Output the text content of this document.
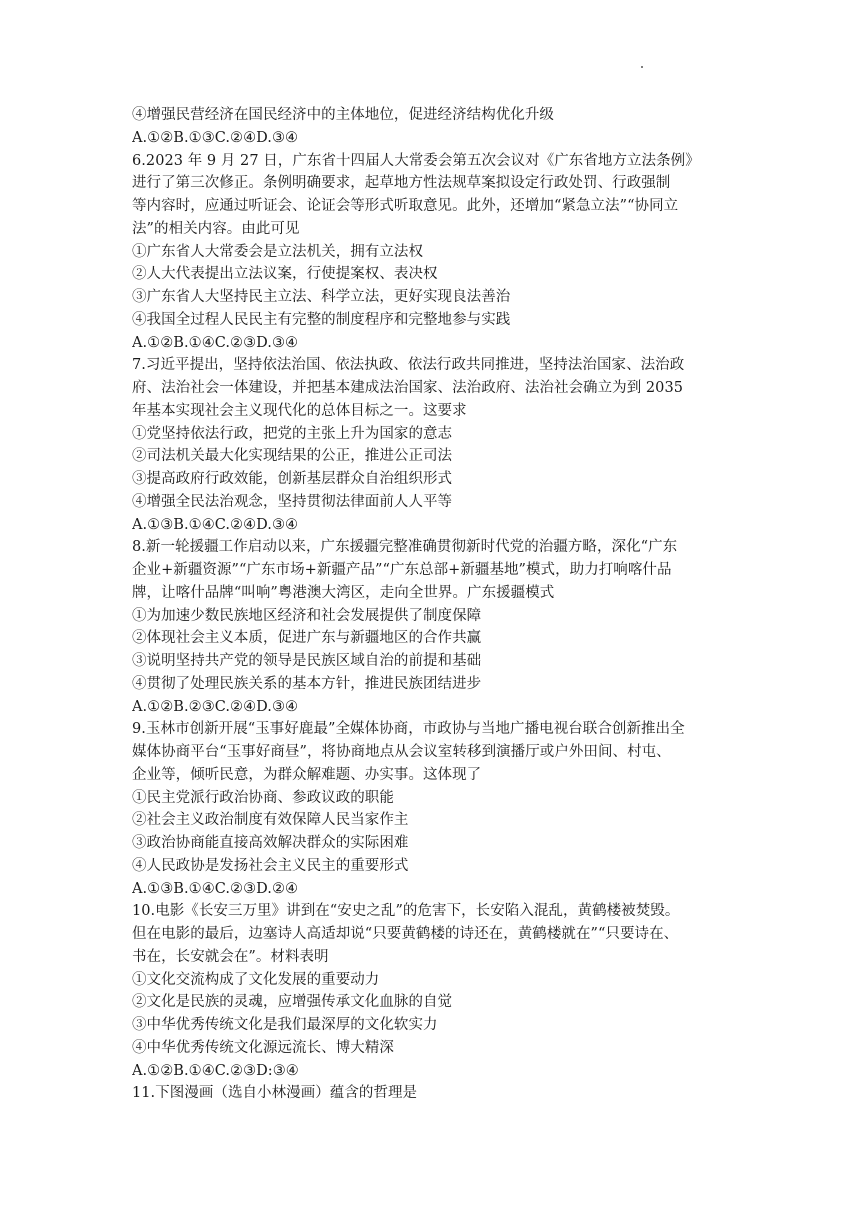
④增强民营经济在国民经济中的主体地位，促进经济结构优化升级
A.①②B.①③C.②④D.③④
6.2023 年 9 月 27 日，广东省十四届人大常委会第五次会议对《广东省地方立法条例》
进行了第三次修正。条例明确要求，起草地方性法规草案拟设定行政处罚、行政强制
等内容时，应通过听证会、论证会等形式听取意见。此外，还增加“紧急立法”“协同立
法”的相关内容。由此可见
①广东省人大常委会是立法机关，拥有立法权
②人大代表提出立法议案，行使提案权、表决权
③广东省人大坚持民主立法、科学立法，更好实现良法善治
④我国全过程人民民主有完整的制度程序和完整地参与实践
A.①②B.①④C.②③D.③④
7.习近平提出，坚持依法治国、依法执政、依法行政共同推进，坚持法治国家、法治政
府、法治社会一体建设，并把基本建成法治国家、法治政府、法治社会确立为到 2035
年基本实现社会主义现代化的总体目标之一。这要求
①党坚持依法行政，把党的主张上升为国家的意志
②司法机关最大化实现结果的公正，推进公正司法
③提高政府行政效能，创新基层群众自治组织形式
④增强全民法治观念，坚持贯彻法律面前人人平等
A.①③B.①④C.②④D.③④
8.新一轮援疆工作启动以来，广东援疆完整准确贯彻新时代党的治疆方略，深化“广东
企业+新疆资源”“广东市场+新疆产品”“广东总部+新疆基地”模式，助力打响喀什品
牌，让喀什品牌“叫响”粤港澳大湾区，走向全世界。广东援疆模式
①为加速少数民族地区经济和社会发展提供了制度保障
②体现社会主义本质，促进广东与新疆地区的合作共赢
③说明坚持共产党的领导是民族区域自治的前提和基础
④贯彻了处理民族关系的基本方针，推进民族团结进步
A.①②B.②③C.②④D.③④
9.玉林市创新开展“玉事好鹿最”全媒体协商，市政协与当地广播电视台联合创新推出全
媒体协商平台“玉事好商昼”，将协商地点从会议室转移到演播厅或户外田间、村屯、
企业等，倾听民意，为群众解难题、办实事。这体现了
①民主党派行政治协商、参政议政的职能
②社会主义政治制度有效保障人民当家作主
③政治协商能直接高效解决群众的实际困难
④人民政协是发扬社会主义民主的重要形式
A.①③B.①④C.②③D.②④
10.电影《长安三万里》讲到在“安史之乱”的危害下，长安陷入混乱，黄鹤楼被焚毁。
但在电影的最后，边塞诗人高适却说“只要黄鹤楼的诗还在，黄鹤楼就在”“只要诗在、
书在，长安就会在”。材料表明
①文化交流构成了文化发展的重要动力
②文化是民族的灵魂，应增强传承文化血脉的自觉
③中华优秀传统文化是我们最深厚的文化软实力
④中华优秀传统文化源远流长、博大精深
A.①②B.①④C.②③D:③④
11.下图漫画（选自小林漫画）蕴含的哲理是
